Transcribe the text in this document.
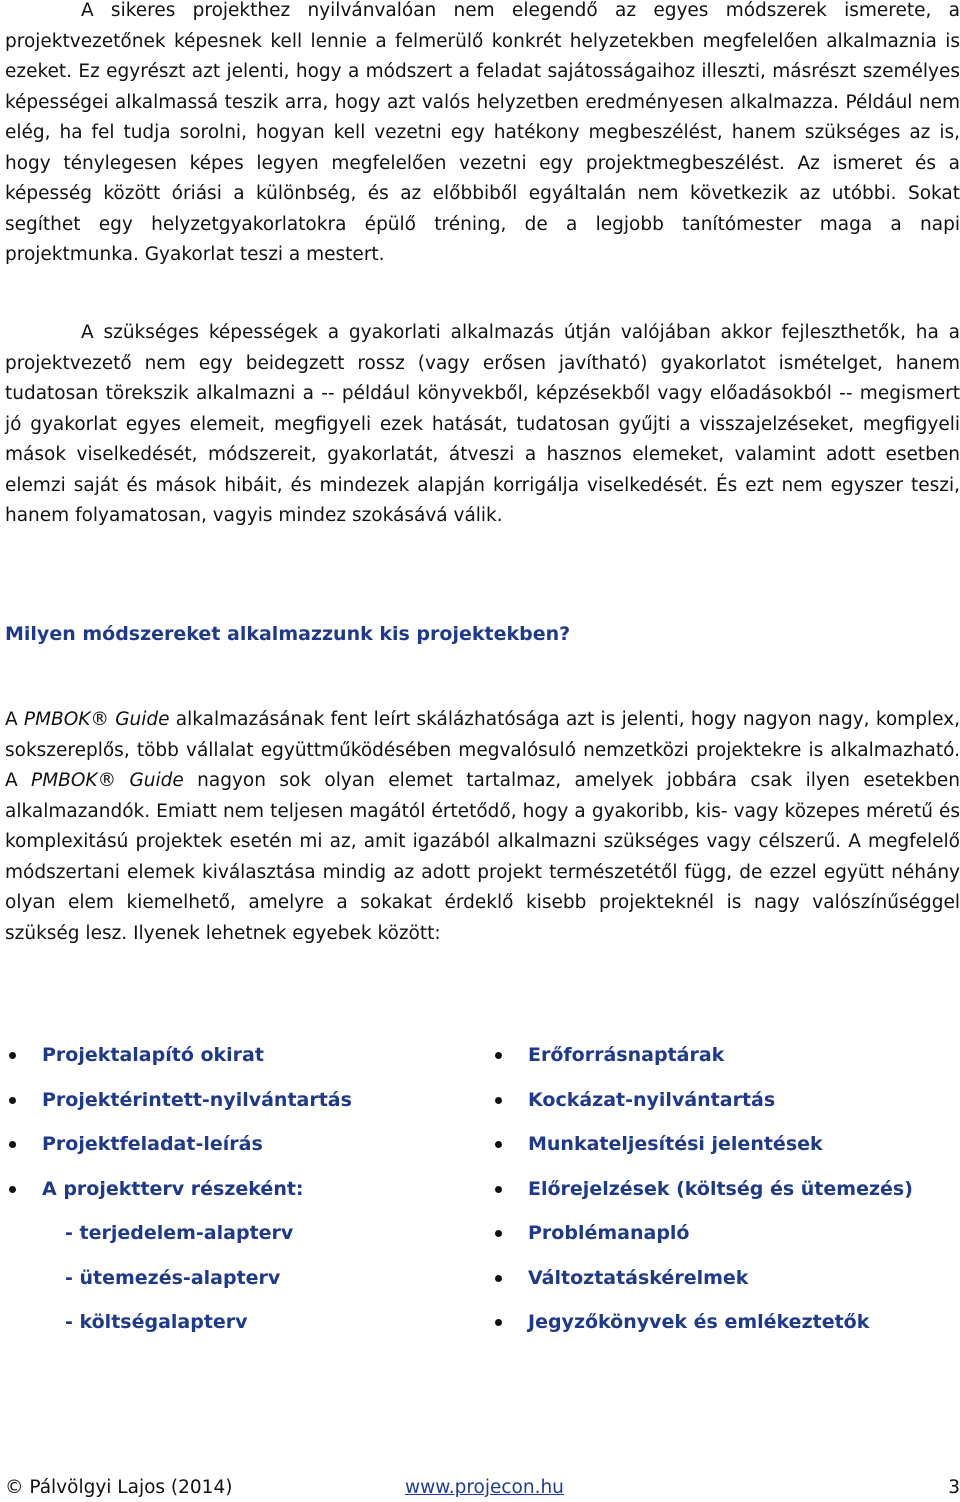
A sikeres projekthez nyilvánvalóan nem elegendő az egyes módszerek ismerete, a projektvezetőnek képesnek kell lennie a felmerülő konkrét helyzetekben megfelelően alkalmaznia is ezeket. Ez egyrészt azt jelenti, hogy a módszert a feladat sajátosságaihoz illeszti, másrészt személyes képességei alkalmassá teszik arra, hogy azt valós helyzetben eredményesen alkalmazza. Például nem elég, ha fel tudja sorolni, hogyan kell vezetni egy hatékony megbeszélést, hanem szükséges az is, hogy ténylegesen képes legyen megfelelően vezetni egy projektmegbeszélést. Az ismeret és a képesség között óriási a különbség, és az előbbiből egyáltalán nem következik az utóbbi. Sokat segíthet egy helyzetgyakorlatokra épülő tréning, de a legjobb tanítómester maga a napi projektmunka. Gyakorlat teszi a mestert.

A szükséges képességek a gyakorlati alkalmazás útján valójában akkor fejleszthetők, ha a projektvezető nem egy beidegzett rossz (vagy erősen javítható) gyakorlatot ismételget, hanem tudatosan törekszik alkalmazni a -- például könyvekből, képzésekből vagy előadásokból -- megismert jó gyakorlat egyes elemeit, megfigyeli ezek hatását, tudatosan gyűjti a visszajelzéseket, megfigyeli mások viselkedését, módszereit, gyakorlatát, átveszi a hasznos elemeket, valamint adott esetben elemzi saját és mások hibáit, és mindezek alapján korrigálja viselkedését. És ezt nem egyszer teszi, hanem folyamatosan, vagyis mindez szokásává válik.

Milyen módszereket alkalmazzunk kis projektekben?

A PMBOK® Guide alkalmazásának fent leírt skálázhatósága azt is jelenti, hogy nagyon nagy, komplex, sokszereplős, több vállalat együttműködésében megvalósuló nemzetközi projektekre is alkalmazható. A PMBOK® Guide nagyon sok olyan elemet tartalmaz, amelyek jobbára csak ilyen esetekben alkalmazandók. Emiatt nem teljesen magától értetődő, hogy a gyakoribb, kis- vagy közepes méretű és komplexitású projektek esetén mi az, amit igazából alkalmazni szükséges vagy célszerű. A megfelelő módszertani elemek kiválasztása mindig az adott projekt természetétől függ, de ezzel együtt néhány olyan elem kiemelhető, amelyre a sokakat érdeklő kisebb projekteknél is nagy valószínűséggel szükség lesz. Ilyenek lehetnek egyebek között:

Projektalapító okirat
Projektérintett-nyilvántartás
Projektfeladat-leírás
A projektterv részeként:
- terjedelem-alapterv
- ütemezés-alapterv
- költségalapterv
Erőforrásnaptárak
Kockázat-nyilvántartás
Munkateljesítési jelentések
Előrejelzések (költség és ütemezés)
Problémanapló
Változtatáskérelmek
Jegyzőkönyvek és emlékeztetők
© Pálvölgyi Lajos (2014)	www.projecon.hu	3
